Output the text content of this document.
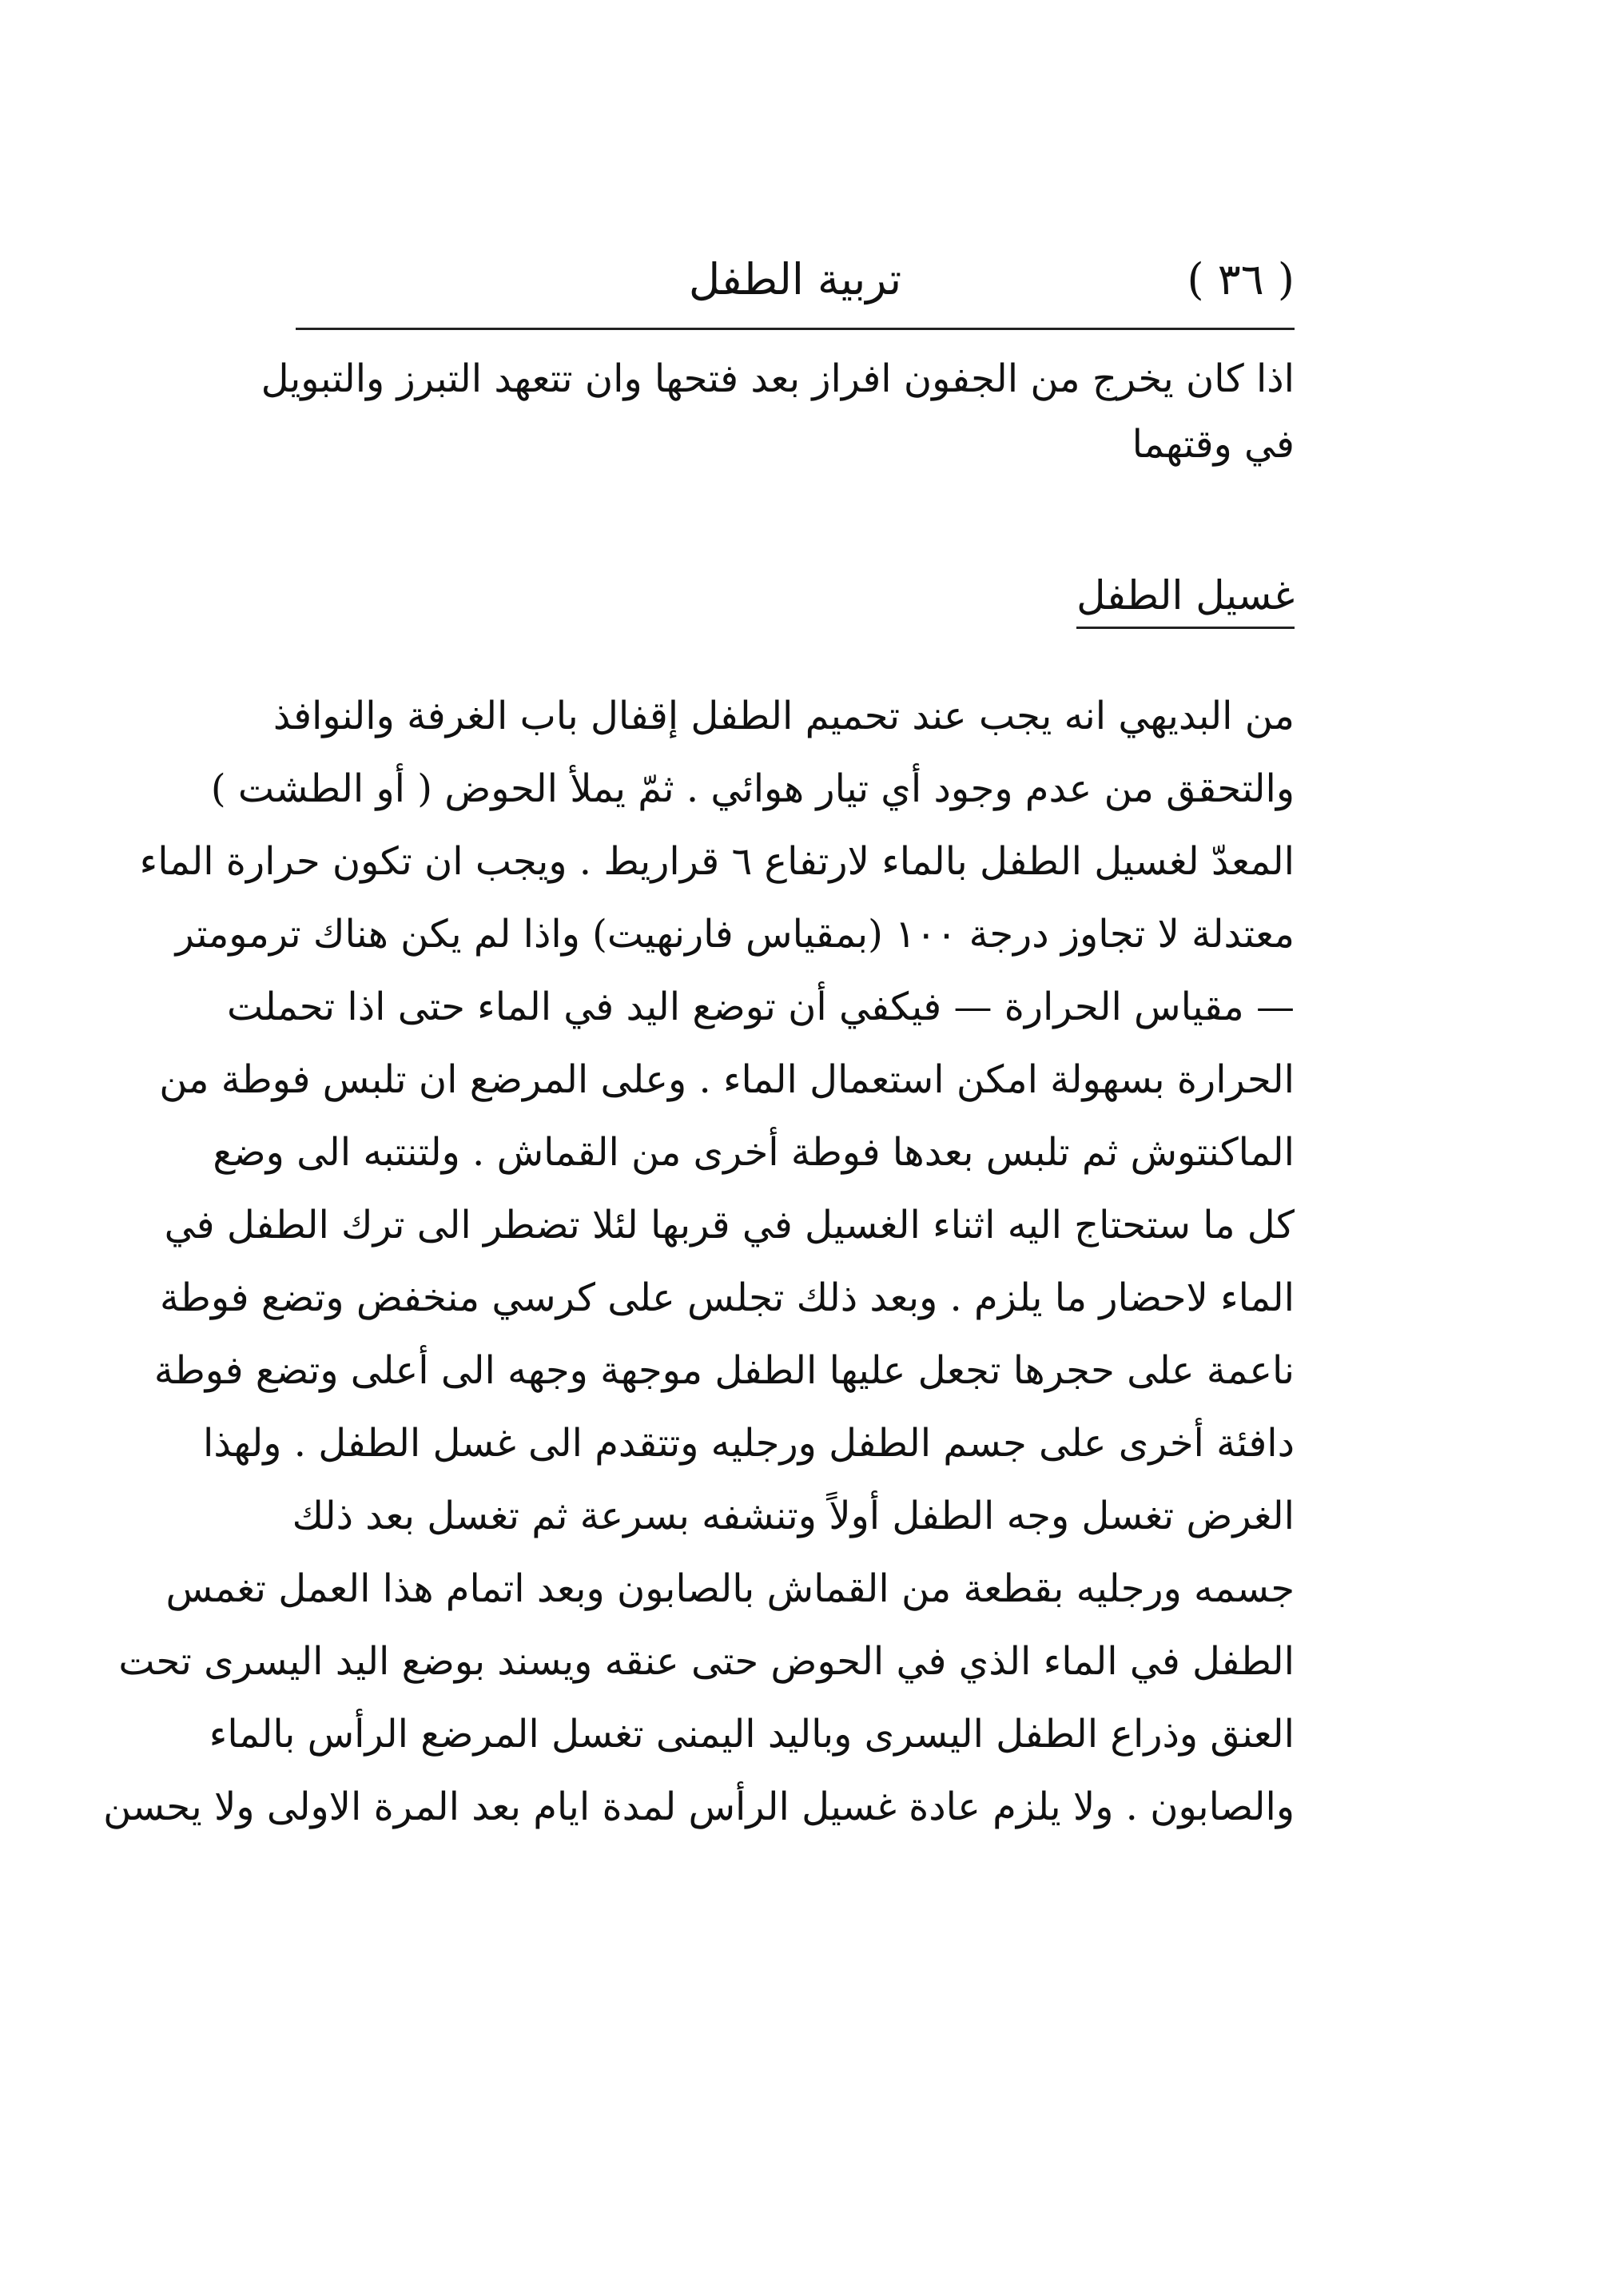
( ٣٦ )
تربية الطفل
اذا كان يخرج من الجفون افراز بعد فتحها وان تتعهد التبرز والتبويل
في وقتهما
غسيل الطفل
من البديهي انه يجب عند تحميم الطفل إقفال باب الغرفة والنوافذ
والتحقق من عدم وجود أي تيار هوائي . ثمّ يملأ الحوض ( أو الطشت )
المعدّ لغسيل الطفل بالماء لارتفاع ٦ قراريط . ويجب ان تكون حرارة الماء
معتدلة لا تجاوز درجة ١٠٠ (بمقياس فارنهيت) واذا لم يكن هناك ترمومتر
— مقياس الحرارة — فيكفي أن توضع اليد في الماء حتى اذا تحملت
الحرارة بسهولة امكن استعمال الماء . وعلى المرضع ان تلبس فوطة من
الماكنتوش ثم تلبس بعدها فوطة أخرى من القماش . ولتنتبه الى وضع
كل ما ستحتاج اليه اثناء الغسيل في قربها لئلا تضطر الى ترك الطفل في
الماء لاحضار ما يلزم . وبعد ذلك تجلس على كرسي منخفض وتضع فوطة
ناعمة على حجرها تجعل عليها الطفل موجهة وجهه الى أعلى وتضع فوطة
دافئة أخرى على جسم الطفل ورجليه وتتقدم الى غسل الطفل . ولهذا
الغرض تغسل وجه الطفل أولاً وتنشفه بسرعة ثم تغسل بعد ذلك
جسمه ورجليه بقطعة من القماش بالصابون وبعد اتمام هذا العمل تغمس
الطفل في الماء الذي في الحوض حتى عنقه ويسند بوضع اليد اليسرى تحت
العنق وذراع الطفل اليسرى وباليد اليمنى تغسل المرضع الرأس بالماء
والصابون . ولا يلزم عادة غسيل الرأس لمدة ايام بعد المرة الاولى ولا يحسن
